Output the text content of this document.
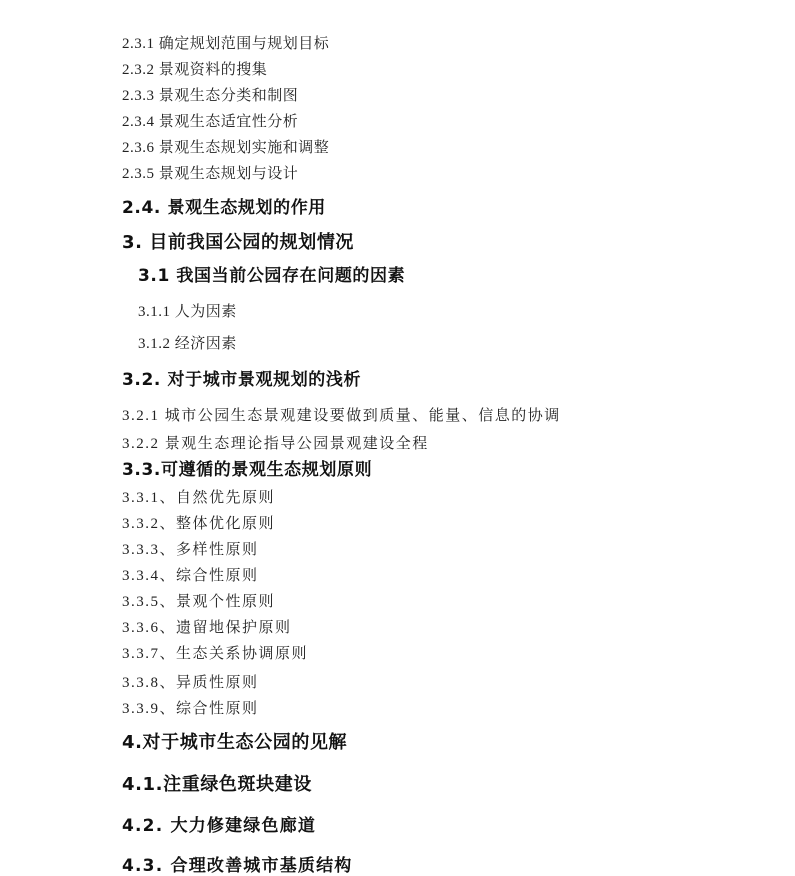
2.3.1 确定规划范围与规划目标
2.3.2 景观资料的搜集
2.3.3 景观生态分类和制图
2.3.4 景观生态适宜性分析
2.3.6 景观生态规划实施和调整
2.3.5 景观生态规划与设计
2.4. 景观生态规划的作用
3. 目前我国公园的规划情况
3.1 我国当前公园存在问题的因素
3.1.1 人为因素
3.1.2 经济因素
3.2. 对于城市景观规划的浅析
3.2.1 城市公园生态景观建设要做到质量、能量、信息的协调
3.2.2 景观生态理论指导公园景观建设全程
3.3.可遵循的景观生态规划原则
3.3.1、自然优先原则
3.3.2、整体优化原则
3.3.3、多样性原则
3.3.4、综合性原则
3.3.5、景观个性原则
3.3.6、遗留地保护原则
3.3.7、生态关系协调原则
3.3.8、异质性原则
3.3.9、综合性原则
4.对于城市生态公园的见解
4.1.注重绿色斑块建设
4.2. 大力修建绿色廊道
4.3. 合理改善城市基质结构
